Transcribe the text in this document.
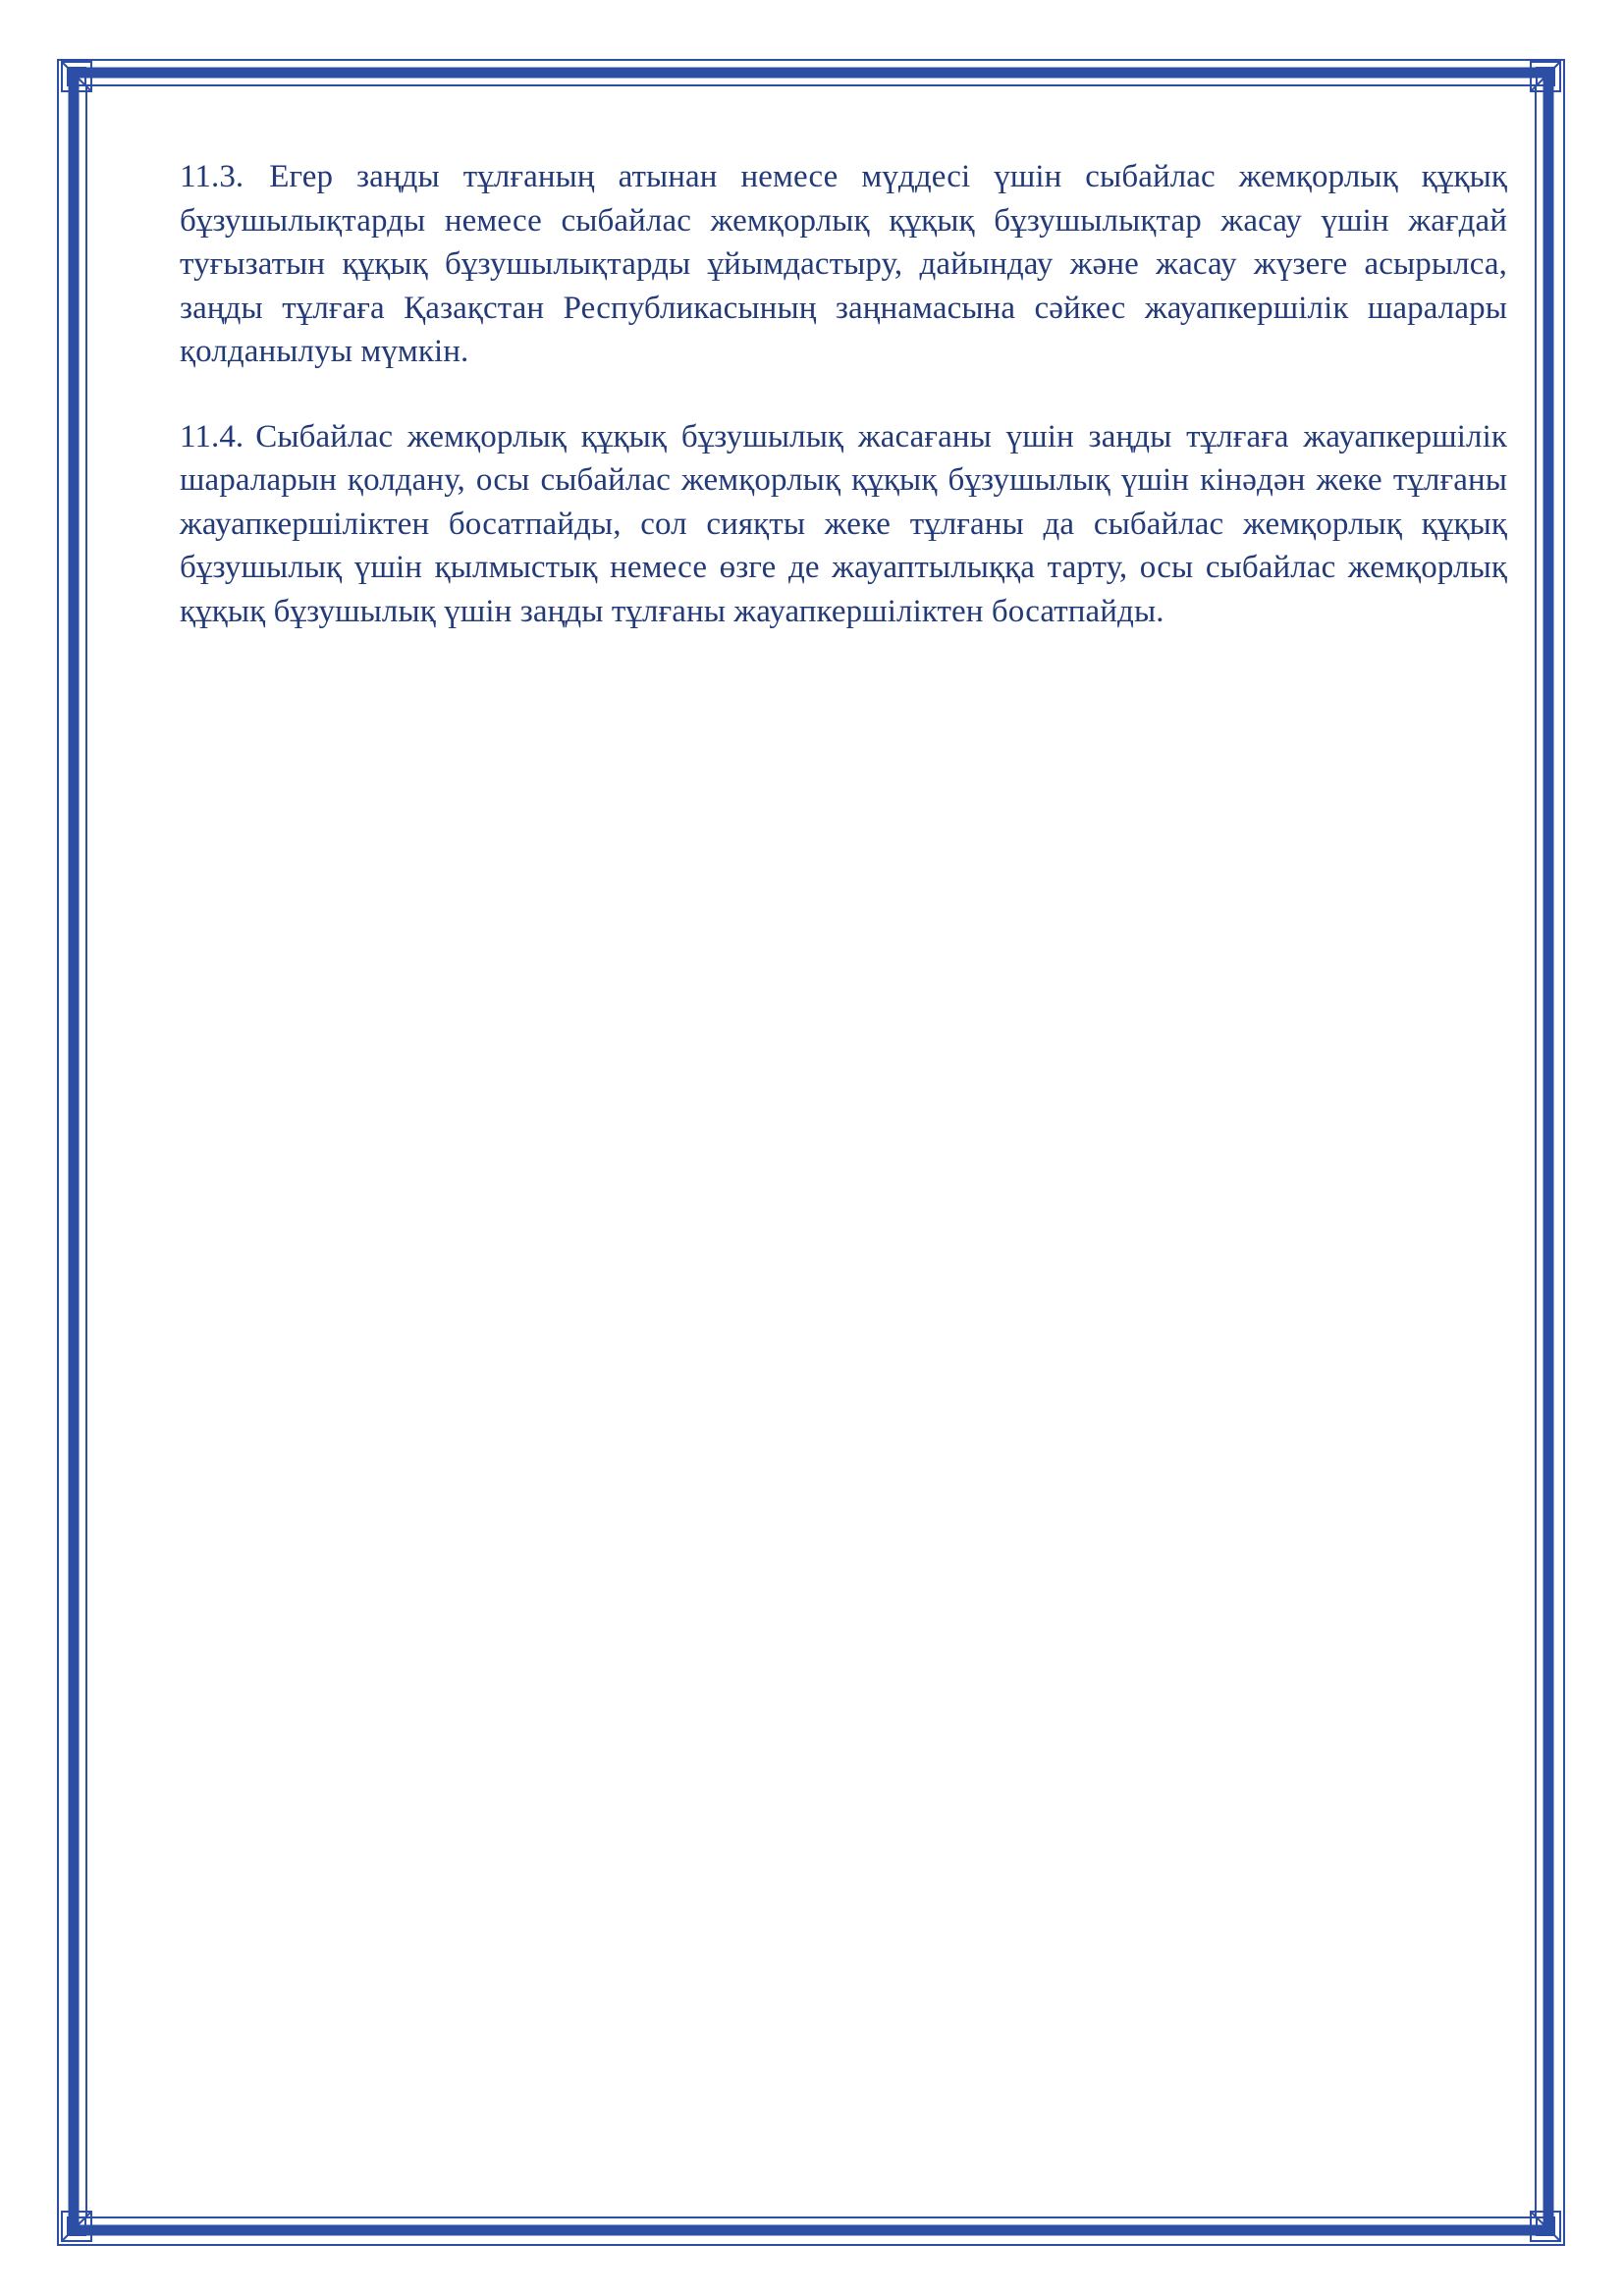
11.3. Егер заңды тұлғаның атынан немесе мүддесі үшін сыбайлас жемқорлық құқық бұзушылықтарды немесе сыбайлас жемқорлық құқық бұзушылықтар жасау үшін жағдай туғызатын құқық бұзушылықтарды ұйымдастыру, дайындау және жасау жүзеге асырылса, заңды тұлғаға Қазақстан Республикасының заңнамасына сәйкес жауапкершілік шаралары қолданылуы мүмкін.

11.4. Сыбайлас жемқорлық құқық бұзушылық жасағаны үшін заңды тұлғаға жауапкершілік шараларын қолдану, осы сыбайлас жемқорлық құқық бұзушылық үшін кінәдән жеке тұлғаны жауапкершіліктен босатпайды, сол сияқты жеке тұлғаны да сыбайлас жемқорлық құқық бұзушылық үшін қылмыстық немесе өзге де жауаптылыққа тарту, осы сыбайлас жемқорлық құқық бұзушылық үшін заңды тұлғаны жауапкершіліктен босатпайды.
